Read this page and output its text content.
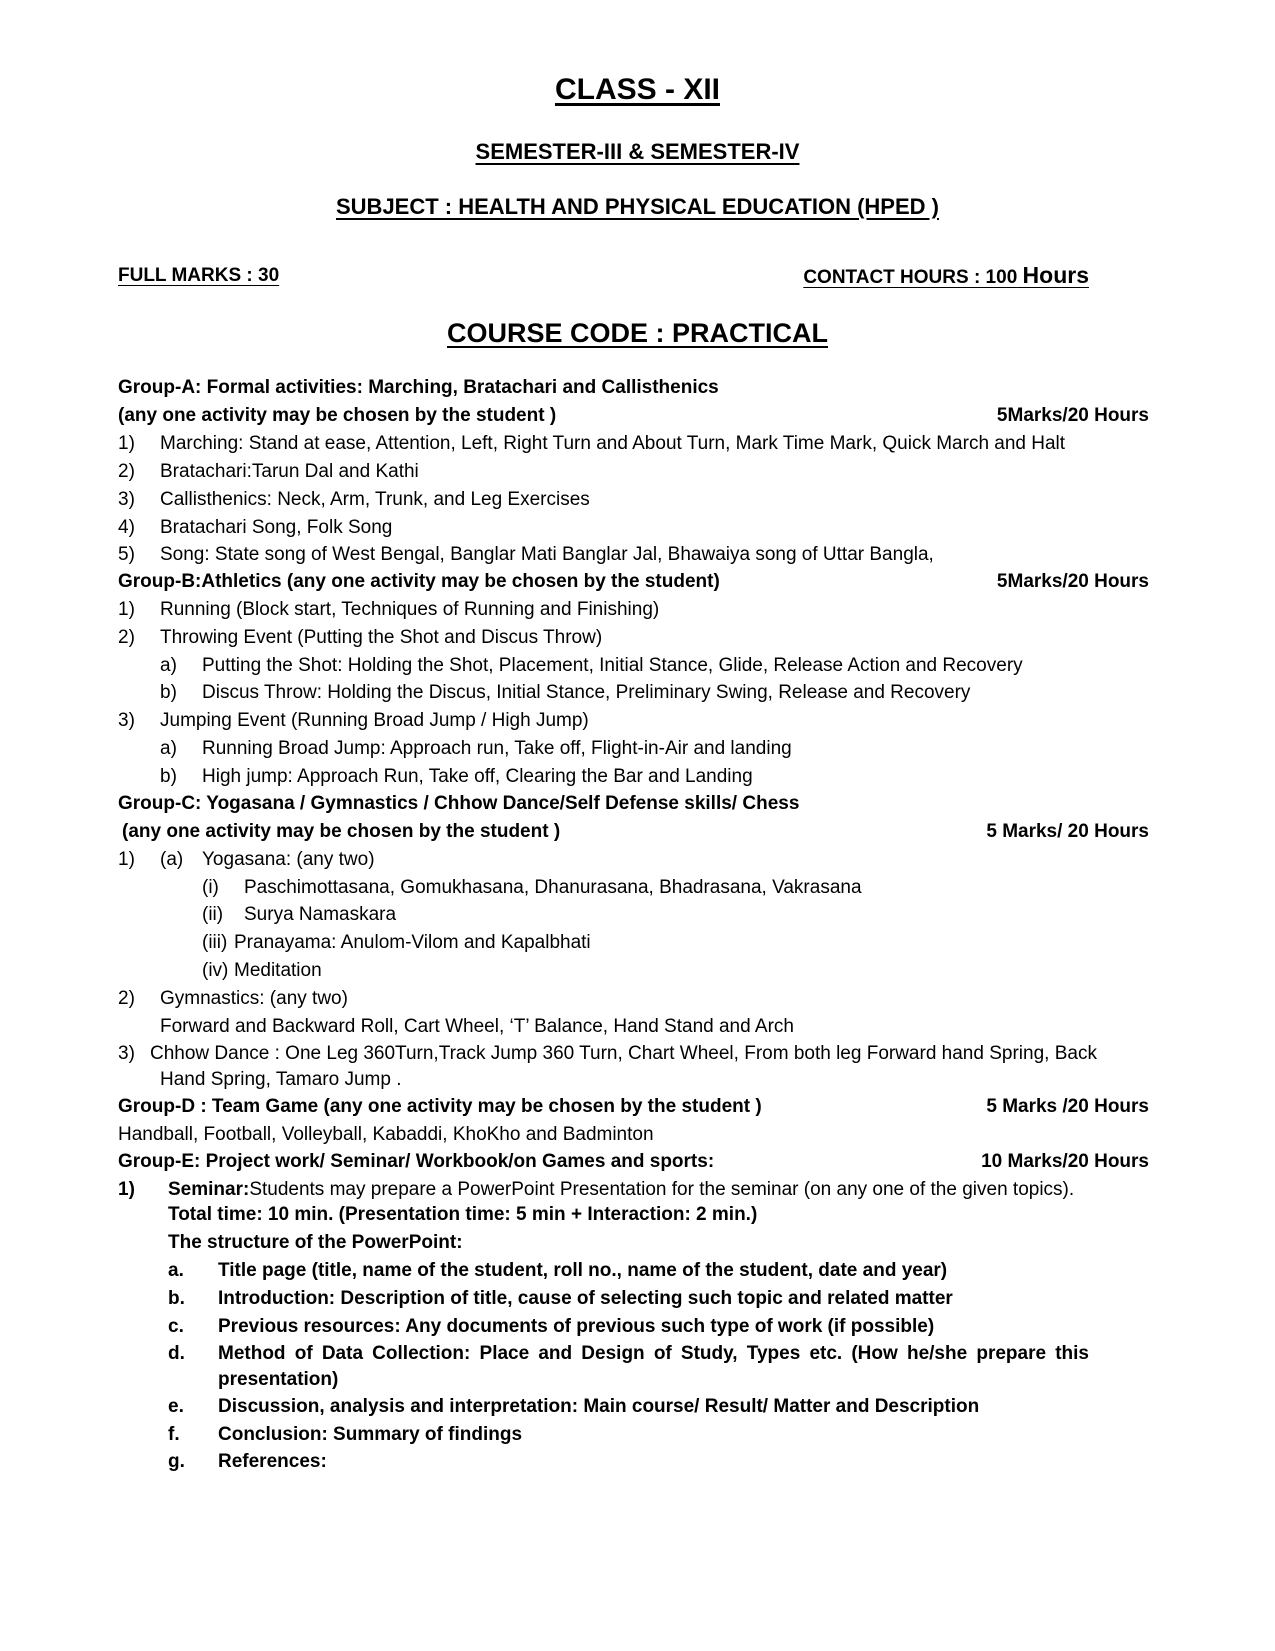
CLASS - XII
SEMESTER-III & SEMESTER-IV
SUBJECT : HEALTH AND PHYSICAL EDUCATION (HPED )
FULL MARKS : 30	CONTACT HOURS : 100 Hours
COURSE CODE : PRACTICAL
Group-A: Formal activities: Marching, Bratachari and Callisthenics
(any one activity may be chosen by the student )	5Marks/20 Hours
1) Marching: Stand at ease, Attention, Left, Right Turn and About Turn, Mark Time Mark, Quick March and Halt
2) Bratachari:Tarun Dal and Kathi
3) Callisthenics: Neck, Arm, Trunk, and Leg Exercises
4) Bratachari Song, Folk Song
5) Song: State song of West Bengal, Banglar Mati Banglar Jal, Bhawaiya song of Uttar Bangla,
Group-B:Athletics (any one activity may be chosen by the student)	5Marks/20 Hours
1) Running (Block start, Techniques of Running and Finishing)
2) Throwing Event (Putting the Shot and Discus Throw)
a) Putting the Shot: Holding the Shot, Placement, Initial Stance, Glide, Release Action and Recovery
b) Discus Throw: Holding the Discus, Initial Stance, Preliminary Swing, Release and Recovery
3) Jumping Event (Running Broad Jump / High Jump)
a) Running Broad Jump: Approach run, Take off, Flight-in-Air and landing
b) High jump: Approach Run, Take off, Clearing the Bar and Landing
Group-C: Yogasana / Gymnastics / Chhow Dance/Self Defense skills/ Chess
(any one activity may be chosen by the student )	5 Marks/ 20 Hours
1) (a) Yogasana: (any two)
(i) Paschimottasana, Gomukhasana, Dhanurasana, Bhadrasana, Vakrasana
(ii) Surya Namaskara
(iii) Pranayama: Anulom-Vilom and Kapalbhati
(iv) Meditation
2) Gymnastics: (any two)
Forward and Backward Roll, Cart Wheel, ‘T’ Balance, Hand Stand and Arch
3) Chhow Dance : One Leg 360Turn,Track Jump 360 Turn, Chart Wheel, From both leg Forward hand Spring, Back
Hand Spring, Tamaro Jump .
Group-D : Team Game (any one activity may be chosen by the student )	5 Marks /20 Hours
Handball, Football, Volleyball, Kabaddi, KhoKho and Badminton
Group-E: Project work/ Seminar/ Workbook/on Games and sports:	10 Marks/20 Hours
1) Seminar:Students may prepare a PowerPoint Presentation for the seminar (on any one of the given topics).
Total time: 10 min. (Presentation time: 5 min + Interaction: 2 min.)
The structure of the PowerPoint:
a. Title page (title, name of the student, roll no., name of the student, date and year)
b. Introduction: Description of title, cause of selecting such topic and related matter
c. Previous resources: Any documents of previous such type of work (if possible)
d. Method of Data Collection: Place and Design of Study, Types etc. (How he/she prepare this presentation)
e. Discussion, analysis and interpretation: Main course/ Result/ Matter and Description
f. Conclusion: Summary of findings
g. References:
